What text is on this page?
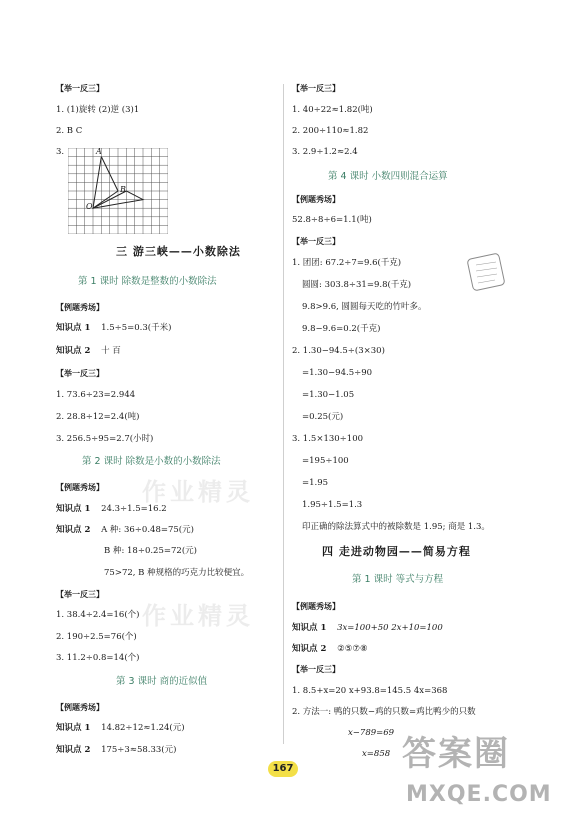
作业精灵
作业精灵
【举一反三】
1. (1)旋转 (2)逆 (3)1
2. B C
3.	A
B
O
三 游三峡——小数除法
第 1 课时 除数是整数的小数除法
【例题秀场】
知识点 1 1.5÷5=0.3(千米)
知识点 2 十 百
【举一反三】
1. 73.6÷23=2.944
2. 28.8÷12=2.4(吨)
3. 256.5÷95=2.7(小时)
第 2 课时 除数是小数的小数除法
【例题秀场】
知识点 1 24.3÷1.5=16.2
知识点 2 A 种: 36÷0.48=75(元)
B 种: 18÷0.25=72(元)
75>72, B 种规格的巧克力比较便宜。
【举一反三】
1. 38.4÷2.4=16(个)
2. 190÷2.5=76(个)
3. 11.2÷0.8=14(个)
第 3 课时 商的近似值
【例题秀场】
知识点 1 14.82÷12≈1.24(元)
知识点 2 175÷3≈58.33(元)
【举一反三】
1. 40÷22≈1.82(吨)
2. 200÷110≈1.82
3. 2.9÷1.2≈2.4
第 4 课时 小数四则混合运算
【例题秀场】
52.8÷8÷6=1.1(吨)
【举一反三】
1. 团团: 67.2÷7=9.6(千克)
圆圆: 303.8÷31=9.8(千克)
9.8>9.6, 圆圆每天吃的竹叶多。
9.8−9.6=0.2(千克)
2. 1.30−94.5÷(3×30)
=1.30−94.5÷90
=1.30−1.05
=0.25(元)
3. 1.5×130÷100
=195÷100
=1.95
1.95÷1.5=1.3
印正确的除法算式中的被除数是 1.95; 商是 1.3。
四 走进动物园——简易方程
第 1 课时 等式与方程
【例题秀场】
知识点 1 3x=100+50 2x+10=100
知识点 2 ②⑤⑦⑧
【举一反三】
1. 8.5+x=20 x+93.8=145.5 4x=368
2. 方法一: 鸭的只数−鸡的只数=鸡比鸭少的只数
x−789=69
x=858
167	答案圈
MXQE.COM
